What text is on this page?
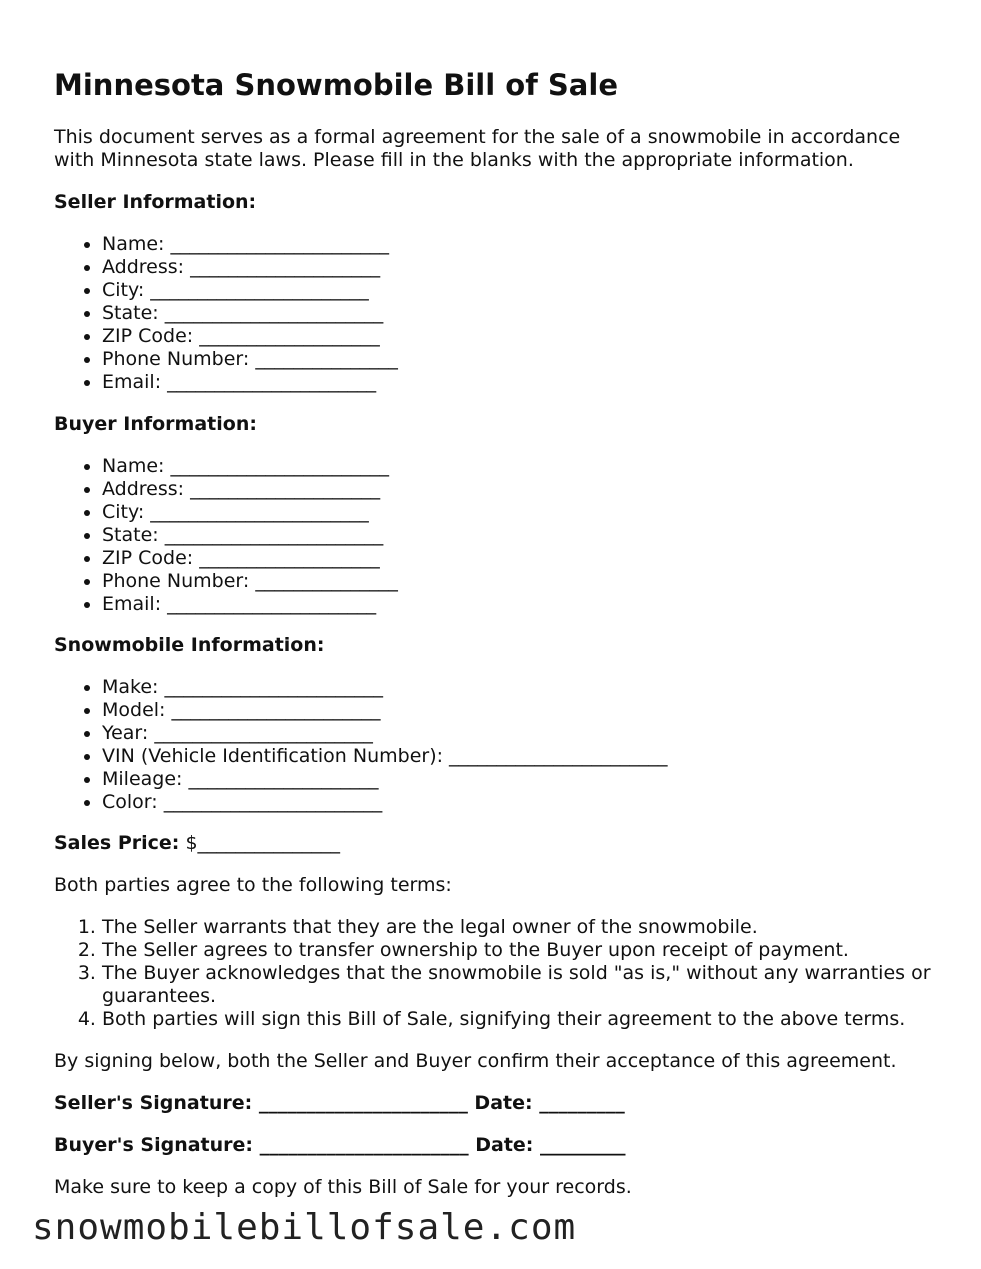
Minnesota Snowmobile Bill of Sale

This document serves as a formal agreement for the sale of a snowmobile in accordance with Minnesota state laws. Please fill in the blanks with the appropriate information.

Seller Information:

• Name: _______________________
• Address: ____________________
• City: _______________________
• State: _______________________
• ZIP Code: ___________________
• Phone Number: _______________
• Email: ______________________

Buyer Information:

• Name: _______________________
• Address: ____________________
• City: _______________________
• State: _______________________
• ZIP Code: ___________________
• Phone Number: _______________
• Email: ______________________

Snowmobile Information:

• Make: _______________________
• Model: ______________________
• Year: _______________________
• VIN (Vehicle Identification Number): _______________________
• Mileage: ____________________
• Color: _______________________

Sales Price: $_______________

Both parties agree to the following terms:

1. The Seller warrants that they are the legal owner of the snowmobile.
2. The Seller agrees to transfer ownership to the Buyer upon receipt of payment.
3. The Buyer acknowledges that the snowmobile is sold "as is," without any warranties or guarantees.
4. Both parties will sign this Bill of Sale, signifying their agreement to the above terms.

By signing below, both the Seller and Buyer confirm their acceptance of this agreement.

Seller's Signature: ______________________ Date: _________

Buyer's Signature: ______________________ Date: _________

Make sure to keep a copy of this Bill of Sale for your records.

snowmobilebillofsale.com
